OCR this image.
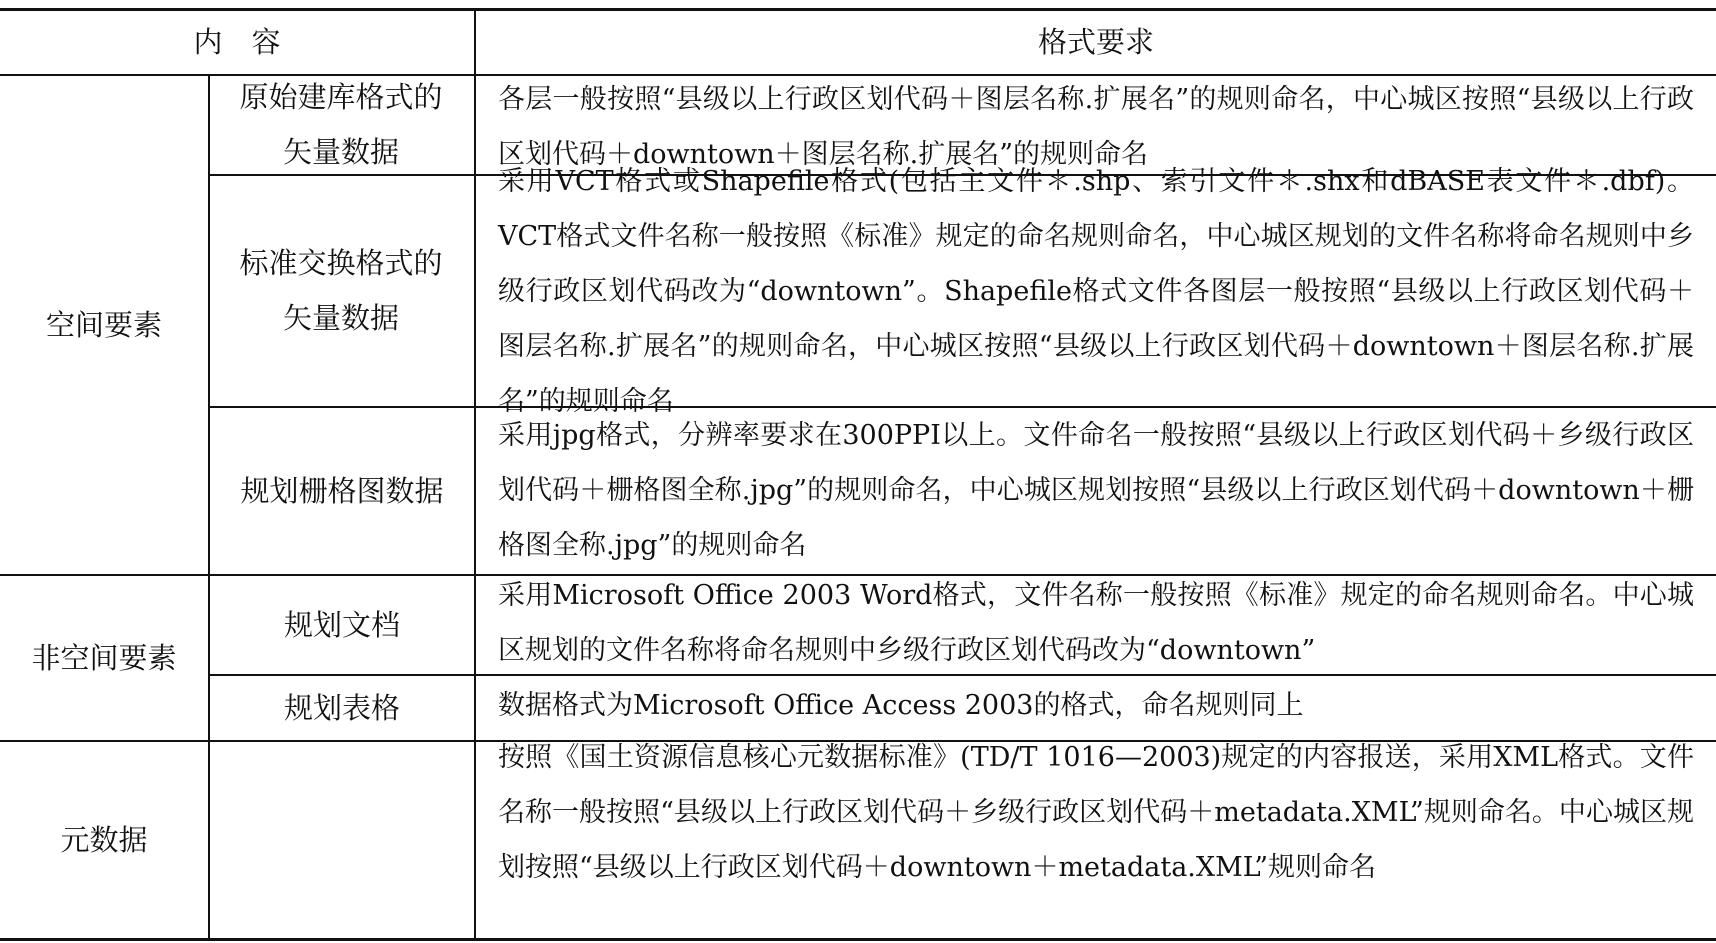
内　容	格式要求
空间要素
非空间要素
元数据
原始建库格式的矢量数据
标准交换格式的矢量数据
规划栅格图数据
规划文档
规划表格
各层一般按照“县级以上行政区划代码＋图层名称.扩展名”的规则命名，中心城区按照“县级以上行政区划代码＋downtown＋图层名称.扩展名”的规则命名
采用VCT格式或Shapefile格式(包括主文件＊.shp、索引文件＊.shx和dBASE表文件＊.dbf)。VCT格式文件名称一般按照《标准》规定的命名规则命名，中心城区规划的文件名称将命名规则中乡级行政区划代码改为“downtown”。Shapefile格式文件各图层一般按照“县级以上行政区划代码＋图层名称.扩展名”的规则命名，中心城区按照“县级以上行政区划代码＋downtown＋图层名称.扩展名”的规则命名
采用jpg格式，分辨率要求在300PPI以上。文件命名一般按照“县级以上行政区划代码＋乡级行政区划代码＋栅格图全称.jpg”的规则命名，中心城区规划按照“县级以上行政区划代码＋downtown＋栅格图全称.jpg”的规则命名
采用Microsoft Office 2003 Word格式，文件名称一般按照《标准》规定的命名规则命名。中心城区规划的文件名称将命名规则中乡级行政区划代码改为“downtown”
数据格式为Microsoft Office Access 2003的格式，命名规则同上
按照《国土资源信息核心元数据标准》(TD/T 1016—2003)规定的内容报送，采用XML格式。文件名称一般按照“县级以上行政区划代码＋乡级行政区划代码＋metadata.XML”规则命名。中心城区规划按照“县级以上行政区划代码＋downtown＋metadata.XML”规则命名
